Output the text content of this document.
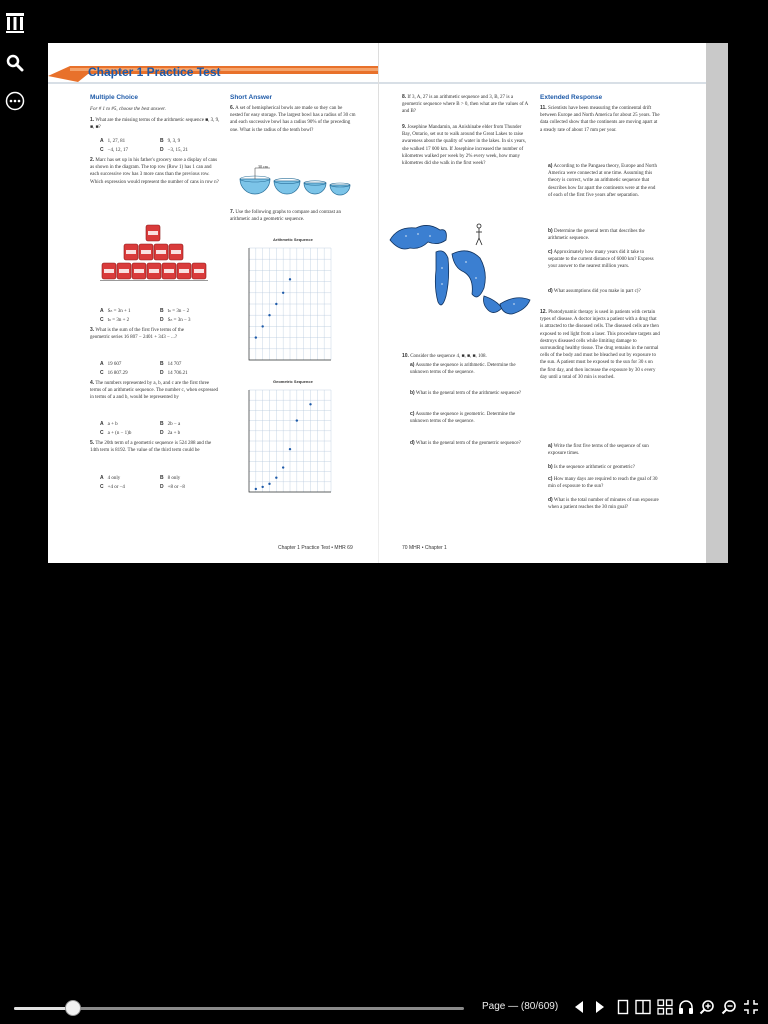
Chapter 1 Practice Test
Multiple Choice
For # 1 to #5, choose the best answer.
1. What are the missing terms of the arithmetic sequence ■, 3, 9, ■, ■?
A 1, 27, 81	B 9, 3, 9
C −4, 12, 17	D −3, 15, 21
2. Marc has set up in his father's grocery store a display of cans as shown in the diagram. The top row (Row 1) has 1 can and each successive row has 3 more cans than the previous row. Which expression would represent the number of cans in row n?
A Sₙ = 3n + 1	B tₙ = 3n − 2
C tₙ = 3n + 2	D Sₙ = 3n − 3
3. What is the sum of the first five terms of the geometric series 16 807 − 2401 + 343 − ...?
A 19 607	B 14 707
C 16 807.29	D 14 706.21
4. The numbers represented by a, b, and c are the first three terms of an arithmetic sequence. The number c, when expressed in terms of a and b, would be represented by
A a + b	B 2b − a
C a + (n − 1)b	D 2a + b
5. The 20th term of a geometric sequence is 524 288 and the 14th term is 8192. The value of the third term could be
A 4 only	B 8 only
C +4 or −4	D +8 or −8
Short Answer
6. A set of hemispherical bowls are made so they can be nested for easy storage. The largest bowl has a radius of 30 cm and each successive bowl has a radius 90% of the preceding one. What is the radius of the tenth bowl?
30 cm
7. Use the following graphs to compare and contrast an arithmetic and a geometric sequence.
Arithmetic Sequence
Geometric Sequence
Chapter 1 Practice Test • MHR 69
8. If 3, A, 27 is an arithmetic sequence and 3, B, 27 is a geometric sequence where B > 0, then what are the values of A and B?
9. Josephine Mandamin, an Anishinabe elder from Thunder Bay, Ontario, set out to walk around the Great Lakes to raise awareness about the quality of water in the lakes. In six years, she walked 17 000 km. If Josephine increased the number of kilometres walked per week by 2% every week, how many kilometres did she walk in the first week?
10. Consider the sequence 4, ■, ■, ■, 108.
a) Assume the sequence is arithmetic. Determine the unknown terms of the sequence.
b) What is the general term of the arithmetic sequence?
c) Assume the sequence is geometric. Determine the unknown terms of the sequence.
d) What is the general term of the geometric sequence?
Extended Response
11. Scientists have been measuring the continental drift between Europe and North America for about 25 years. The data collected show that the continents are moving apart at a steady rate of about 17 mm per year.
a) According to the Pangaea theory, Europe and North America were connected at one time. Assuming this theory is correct, write an arithmetic sequence that describes how far apart the continents were at the end of each of the first five years after separation.
b) Determine the general term that describes the arithmetic sequence.
c) Approximately how many years did it take to separate to the current distance of 6000 km? Express your answer to the nearest million years.
d) What assumptions did you make in part c)?
12. Photodynamic therapy is used in patients with certain types of disease. A doctor injects a patient with a drug that is attracted to the diseased cells. The diseased cells are then exposed to red light from a laser. This procedure targets and destroys diseased cells while limiting damage to surrounding healthy tissue. The drug remains in the normal cells of the body and must be bleached out by exposure to the sun. A patient must be exposed to the sun for 30 s on the first day, and then increase the exposure by 30 s every day until a total of 30 min is reached.
a) Write the first five terms of the sequence of sun exposure times.
b) Is the sequence arithmetic or geometric?
c) How many days are required to reach the goal of 30 min of exposure to the sun?
d) What is the total number of minutes of sun exposure when a patient reaches the 30 min goal?
70 MHR • Chapter 1
Page — (80/609)
